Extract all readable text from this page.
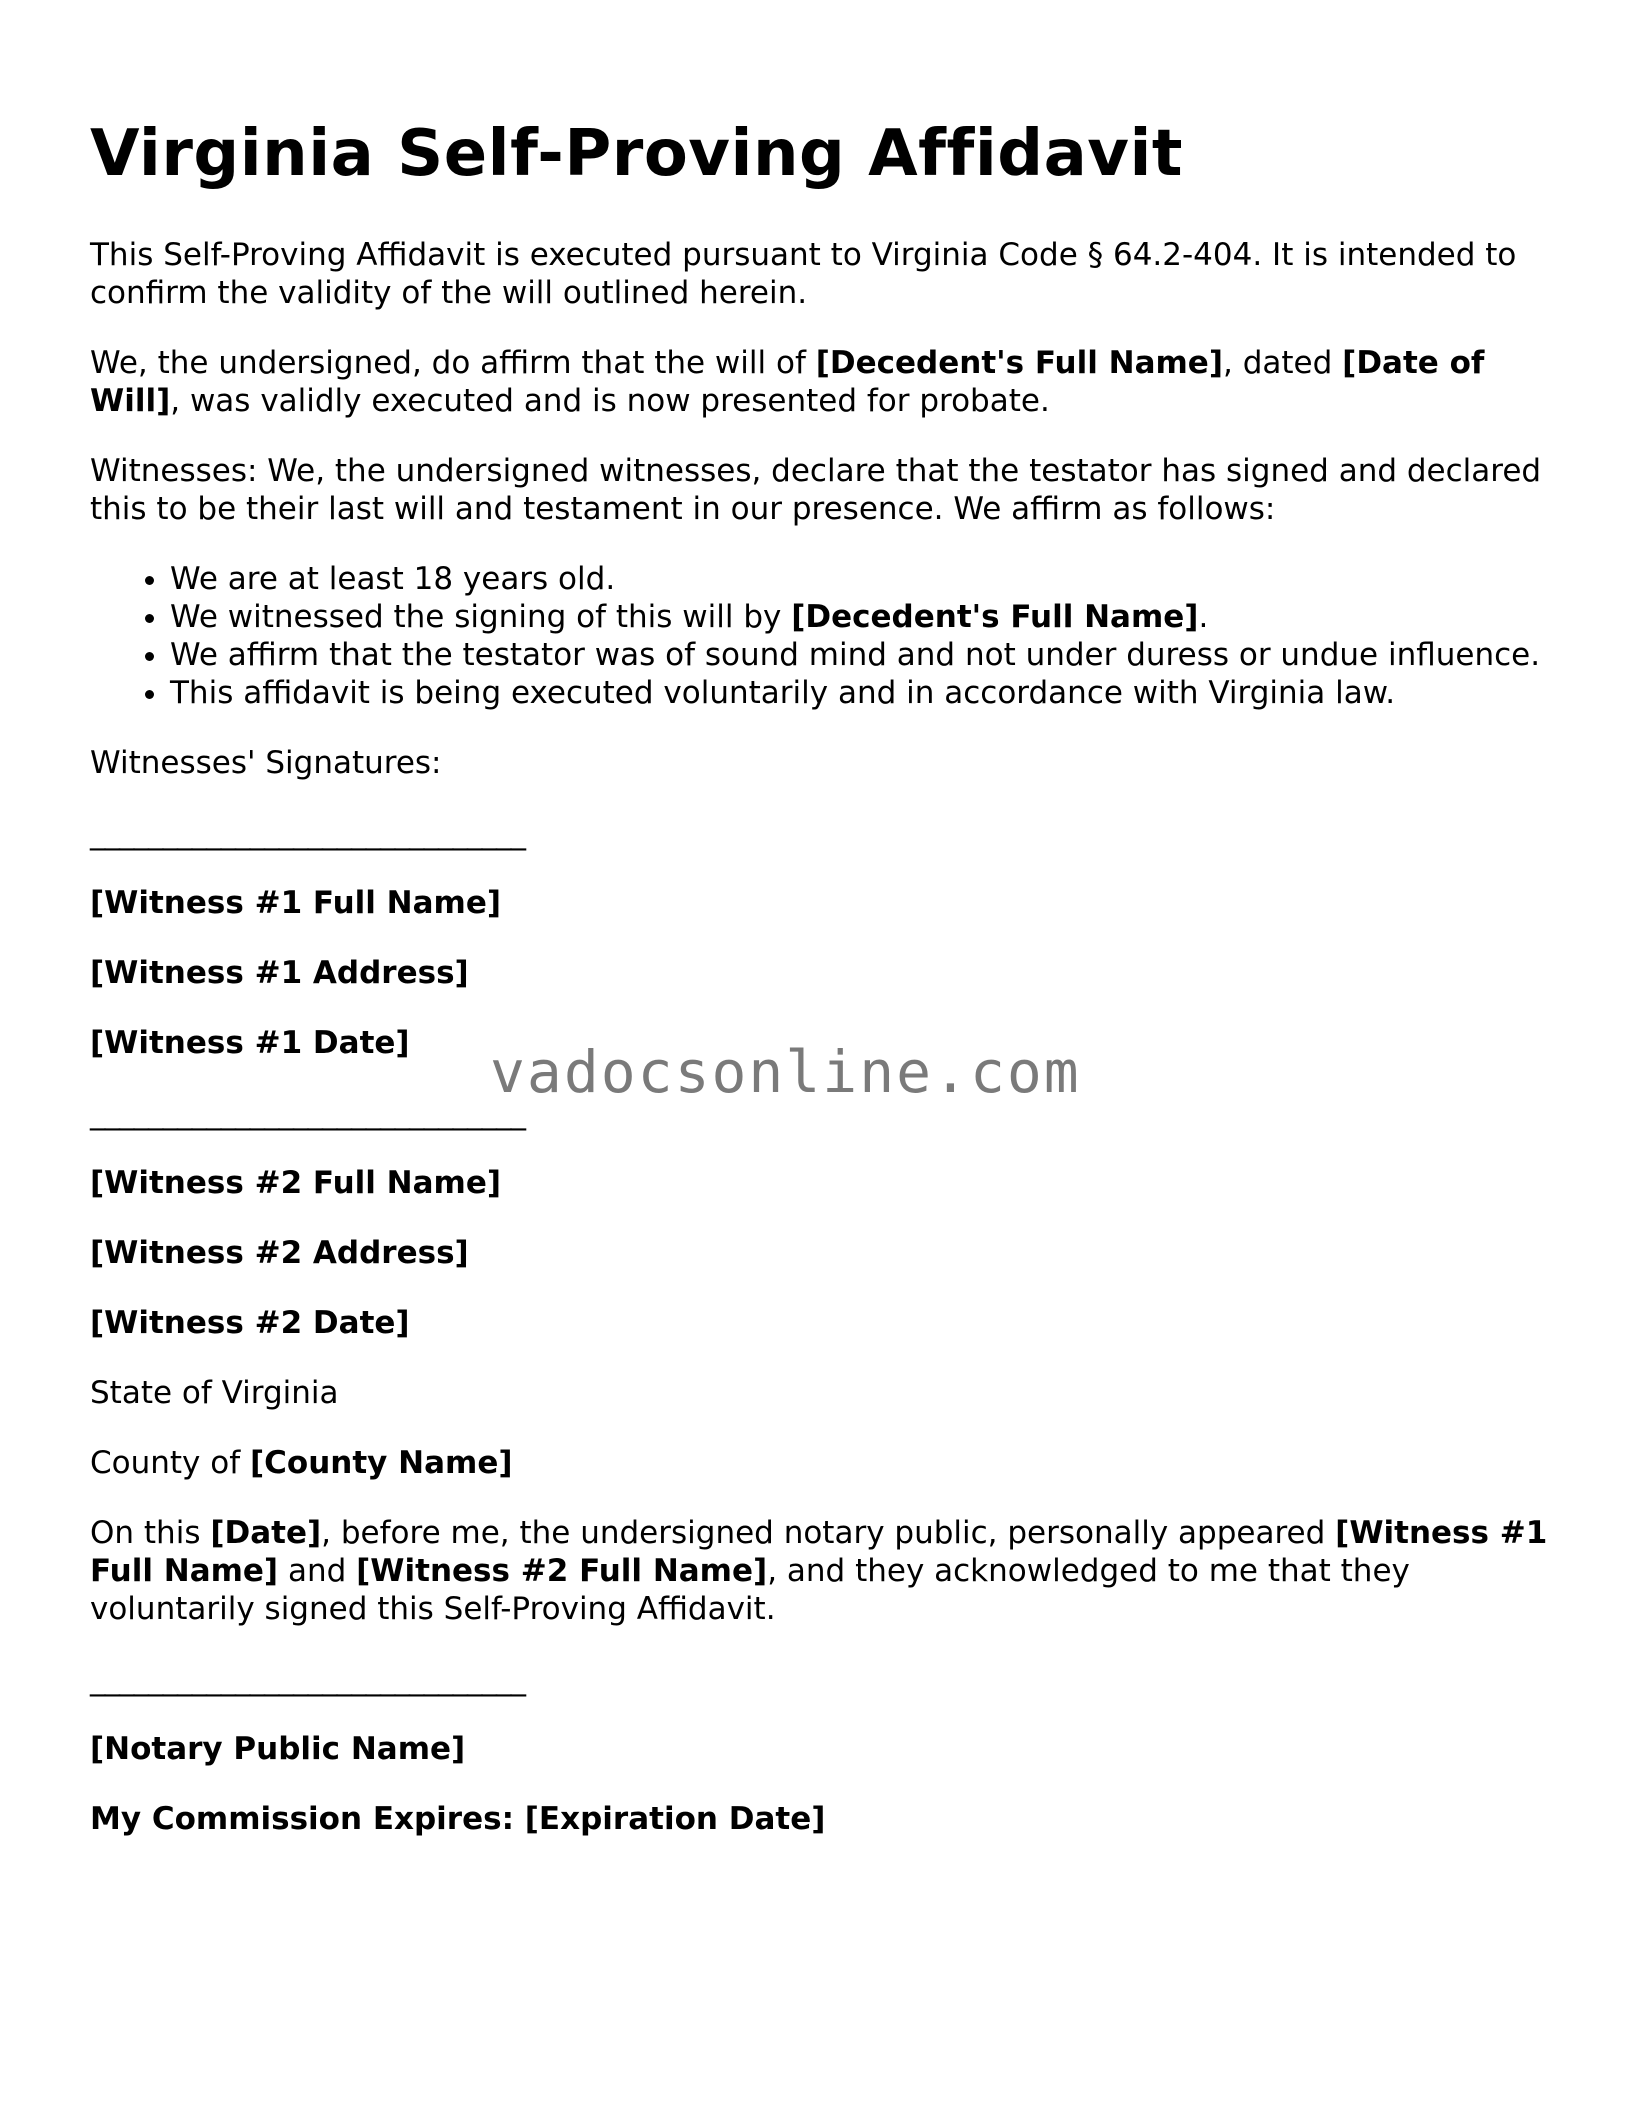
Virginia Self-Proving Affidavit

This Self-Proving Affidavit is executed pursuant to Virginia Code § 64.2-404. It is intended to confirm the validity of the will outlined herein.

We, the undersigned, do affirm that the will of [Decedent's Full Name], dated [Date of Will], was validly executed and is now presented for probate.

Witnesses: We, the undersigned witnesses, declare that the testator has signed and declared this to be their last will and testament in our presence. We affirm as follows:

• We are at least 18 years old.
• We witnessed the signing of this will by [Decedent's Full Name].
• We affirm that the testator was of sound mind and not under duress or undue influence.
• This affidavit is being executed voluntarily and in accordance with Virginia law.

Witnesses' Signatures:

______________________________

[Witness #1 Full Name]

[Witness #1 Address]

[Witness #1 Date]

______________________________

[Witness #2 Full Name]

[Witness #2 Address]

[Witness #2 Date]

State of Virginia

County of [County Name]

On this [Date], before me, the undersigned notary public, personally appeared [Witness #1 Full Name] and [Witness #2 Full Name], and they acknowledged to me that they voluntarily signed this Self-Proving Affidavit.

______________________________

[Notary Public Name]

My Commission Expires: [Expiration Date]

vadocsonline.com
